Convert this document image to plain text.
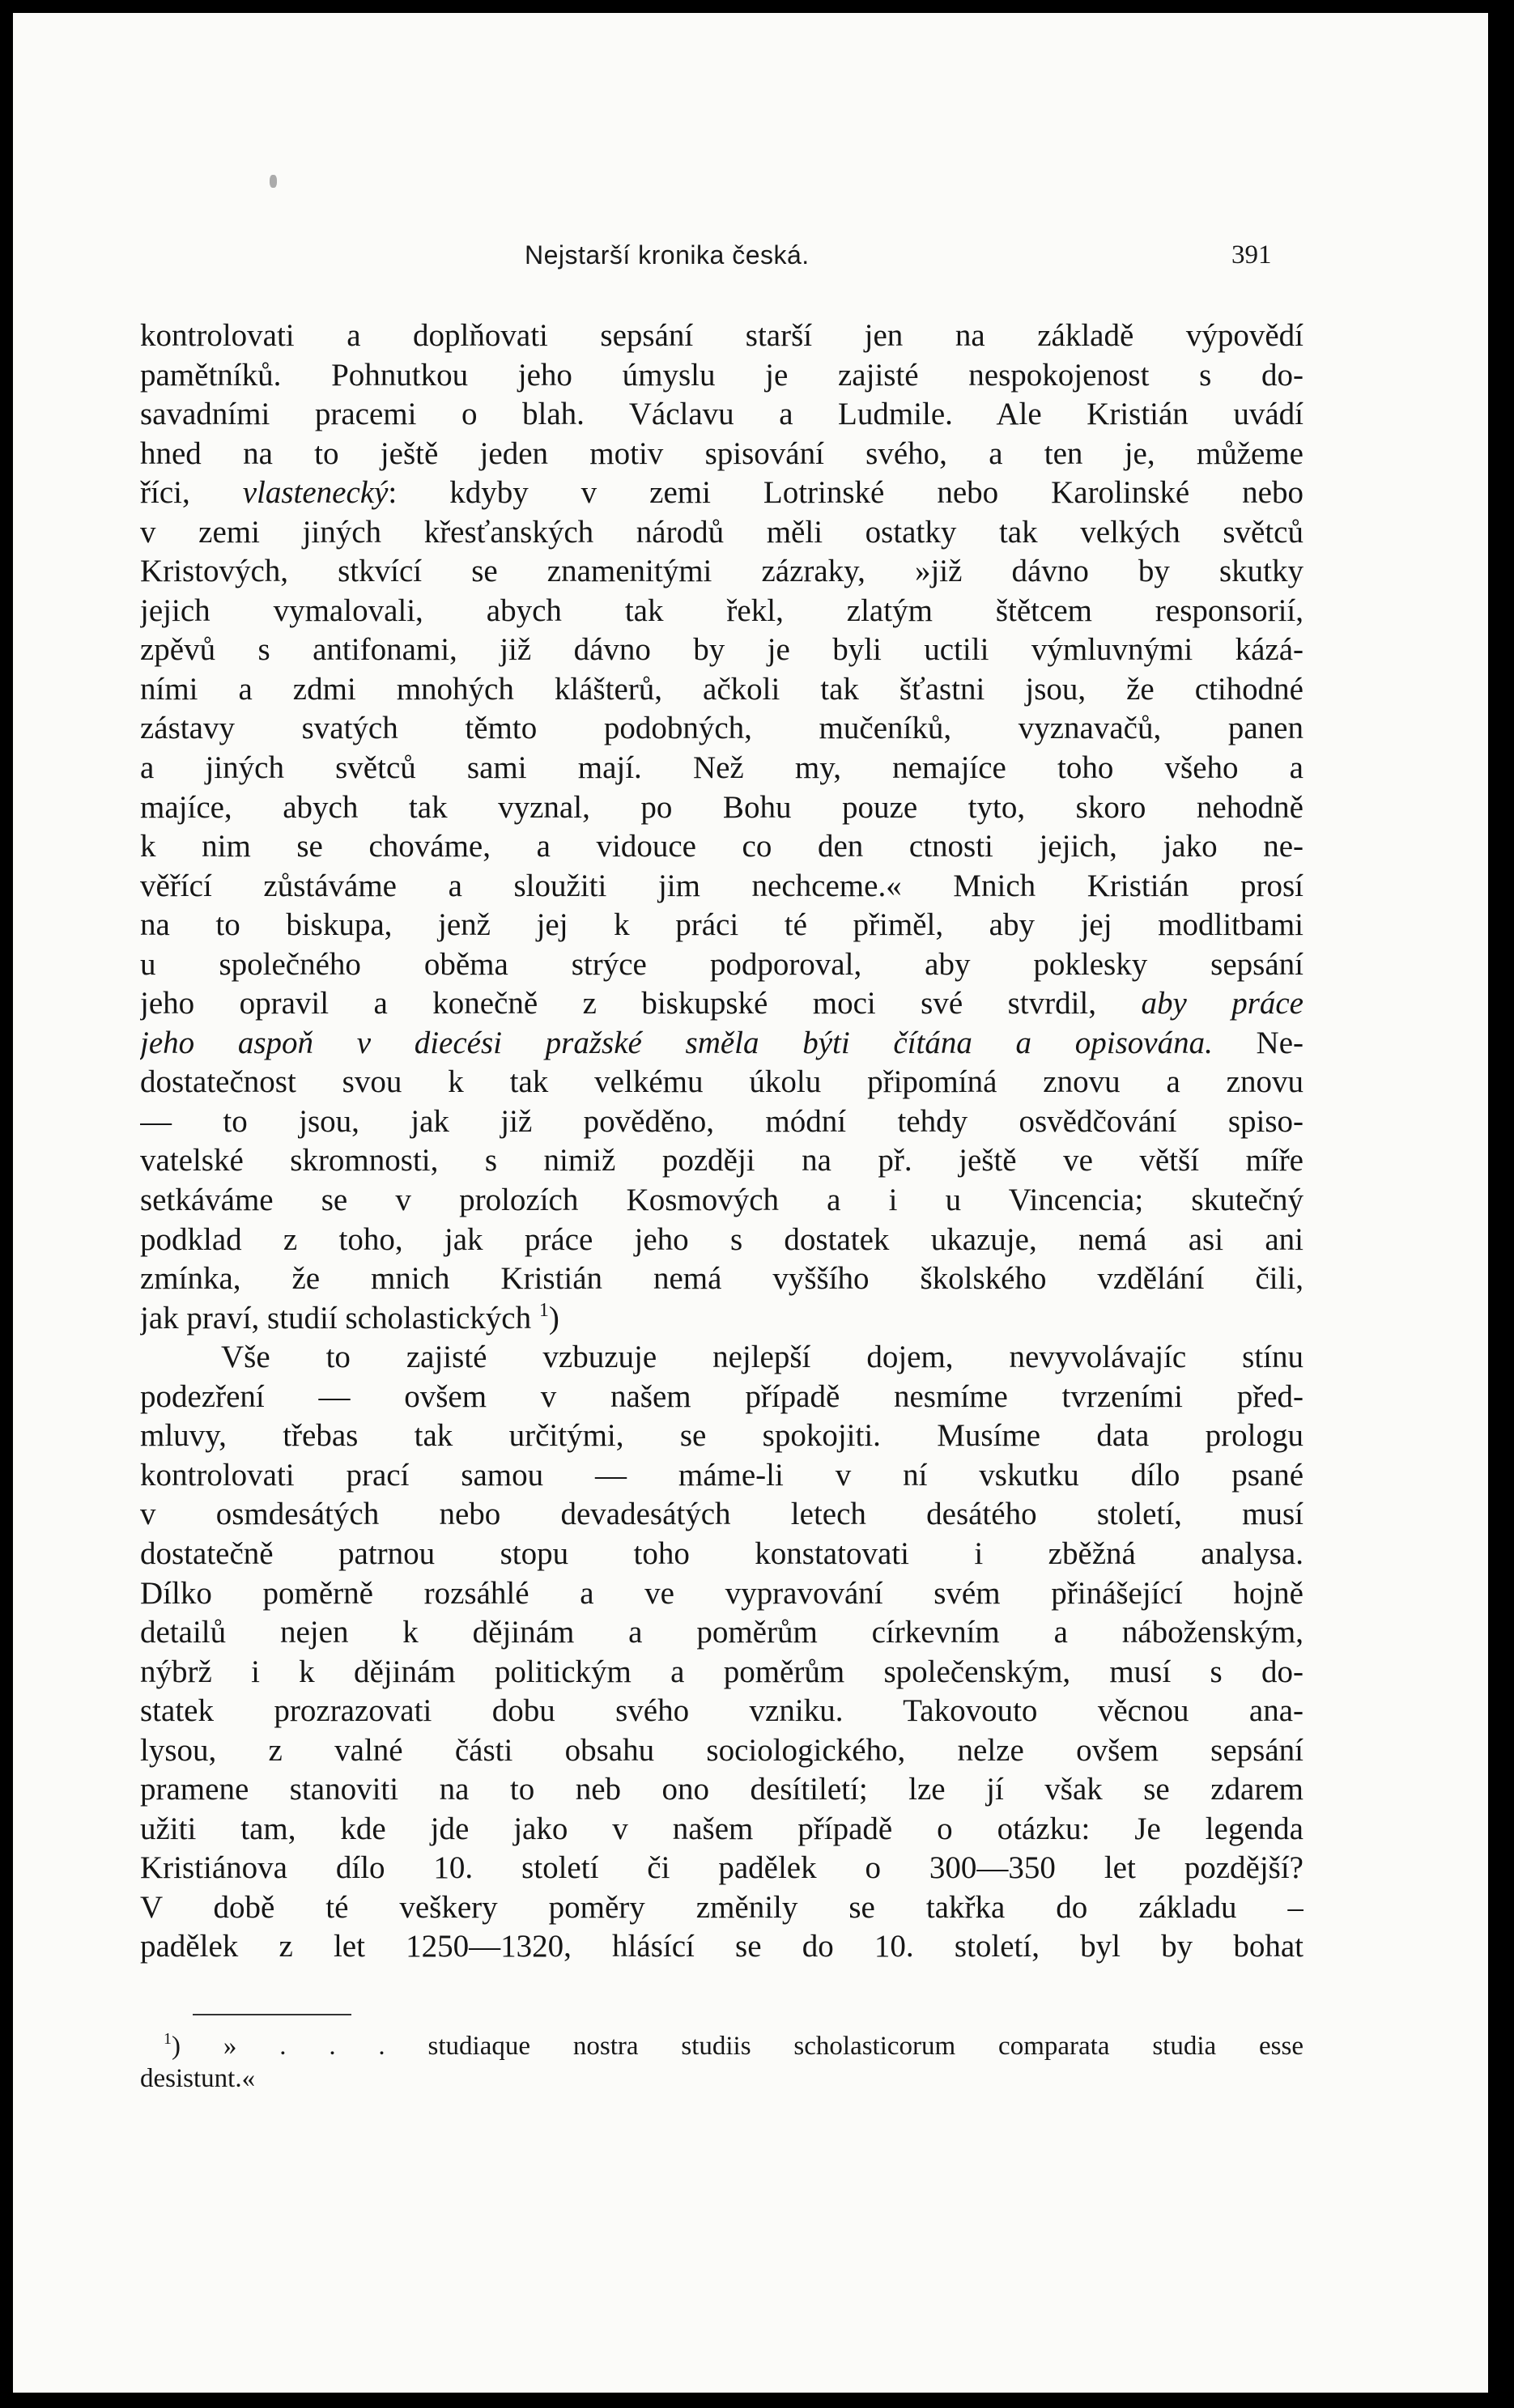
Nejstarší kronika česká.	391
kontrolovati a doplňovati sepsání starší jen na základě výpovědí
pamětníků. Pohnutkou jeho úmyslu je zajisté nespokojenost s do-
savadními pracemi o blah. Václavu a Ludmile. Ale Kristián uvádí
hned na to ještě jeden motiv spisování svého, a ten je, můžeme
říci, vlastenecký: kdyby v zemi Lotrinské nebo Karolinské nebo
v zemi jiných křesťanských národů měli ostatky tak velkých světců
Kristových, stkvící se znamenitými zázraky, »již dávno by skutky
jejich vymalovali, abych tak řekl, zlatým štětcem responsorií,
zpěvů s antifonami, již dávno by je byli uctili výmluvnými kázá-
ními a zdmi mnohých klášterů, ačkoli tak šťastni jsou, že ctihodné
zástavy svatých těmto podobných, mučeníků, vyznavačů, panen
a jiných světců sami mají. Než my, nemajíce toho všeho a
majíce, abych tak vyznal, po Bohu pouze tyto, skoro nehodně
k nim se chováme, a vidouce co den ctnosti jejich, jako ne-
věřící zůstáváme a sloužiti jim nechceme.« Mnich Kristián prosí
na to biskupa, jenž jej k práci té přiměl, aby jej modlitbami
u společného oběma strýce podporoval, aby poklesky sepsání
jeho opravil a konečně z biskupské moci své stvrdil, aby práce
jeho aspoň v diecési pražské směla býti čítána a opisována. Ne-
dostatečnost svou k tak velkému úkolu připomíná znovu a znovu
— to jsou, jak již pověděno, módní tehdy osvědčování spiso-
vatelské skromnosti, s nimiž později na př. ještě ve větší míře
setkáváme se v prolozích Kosmových a i u Vincencia; skutečný
podklad z toho, jak práce jeho s dostatek ukazuje, nemá asi ani
zmínka, že mnich Kristián nemá vyššího školského vzdělání čili,
jak praví, studií scholastických $^1$)
Vše to zajisté vzbuzuje nejlepší dojem, nevyvolávajíc stínu
podezření — ovšem v našem případě nesmíme tvrzeními před-
mluvy, třebas tak určitými, se spokojiti. Musíme data prologu
kontrolovati prací samou — máme-li v ní vskutku dílo psané
v osmdesátých nebo devadesátých letech desátého století, musí
dostatečně patrnou stopu toho konstatovati i zběžná analysa.
Dílko poměrně rozsáhlé a ve vypravování svém přinášející hojně
detailů nejen k dějinám a poměrům církevním a náboženským,
nýbrž i k dějinám politickým a poměrům společenským, musí s do-
statek prozrazovati dobu svého vzniku. Takovouto věcnou ana-
lysou, z valné části obsahu sociologického, nelze ovšem sepsání
pramene stanoviti na to neb ono desítiletí; lze jí však se zdarem
užiti tam, kde jde jako v našem případě o otázku: Je legenda
Kristiánova dílo 10. století či padělek o 300—350 let pozdější?
V době té veškery poměry změnily se takřka do základu –
padělek z let 1250—1320, hlásící se do 10. století, byl by bohat
$^1$) » . . . studiaque nostra studiis scholasticorum comparata studia esse
desistunt.«
